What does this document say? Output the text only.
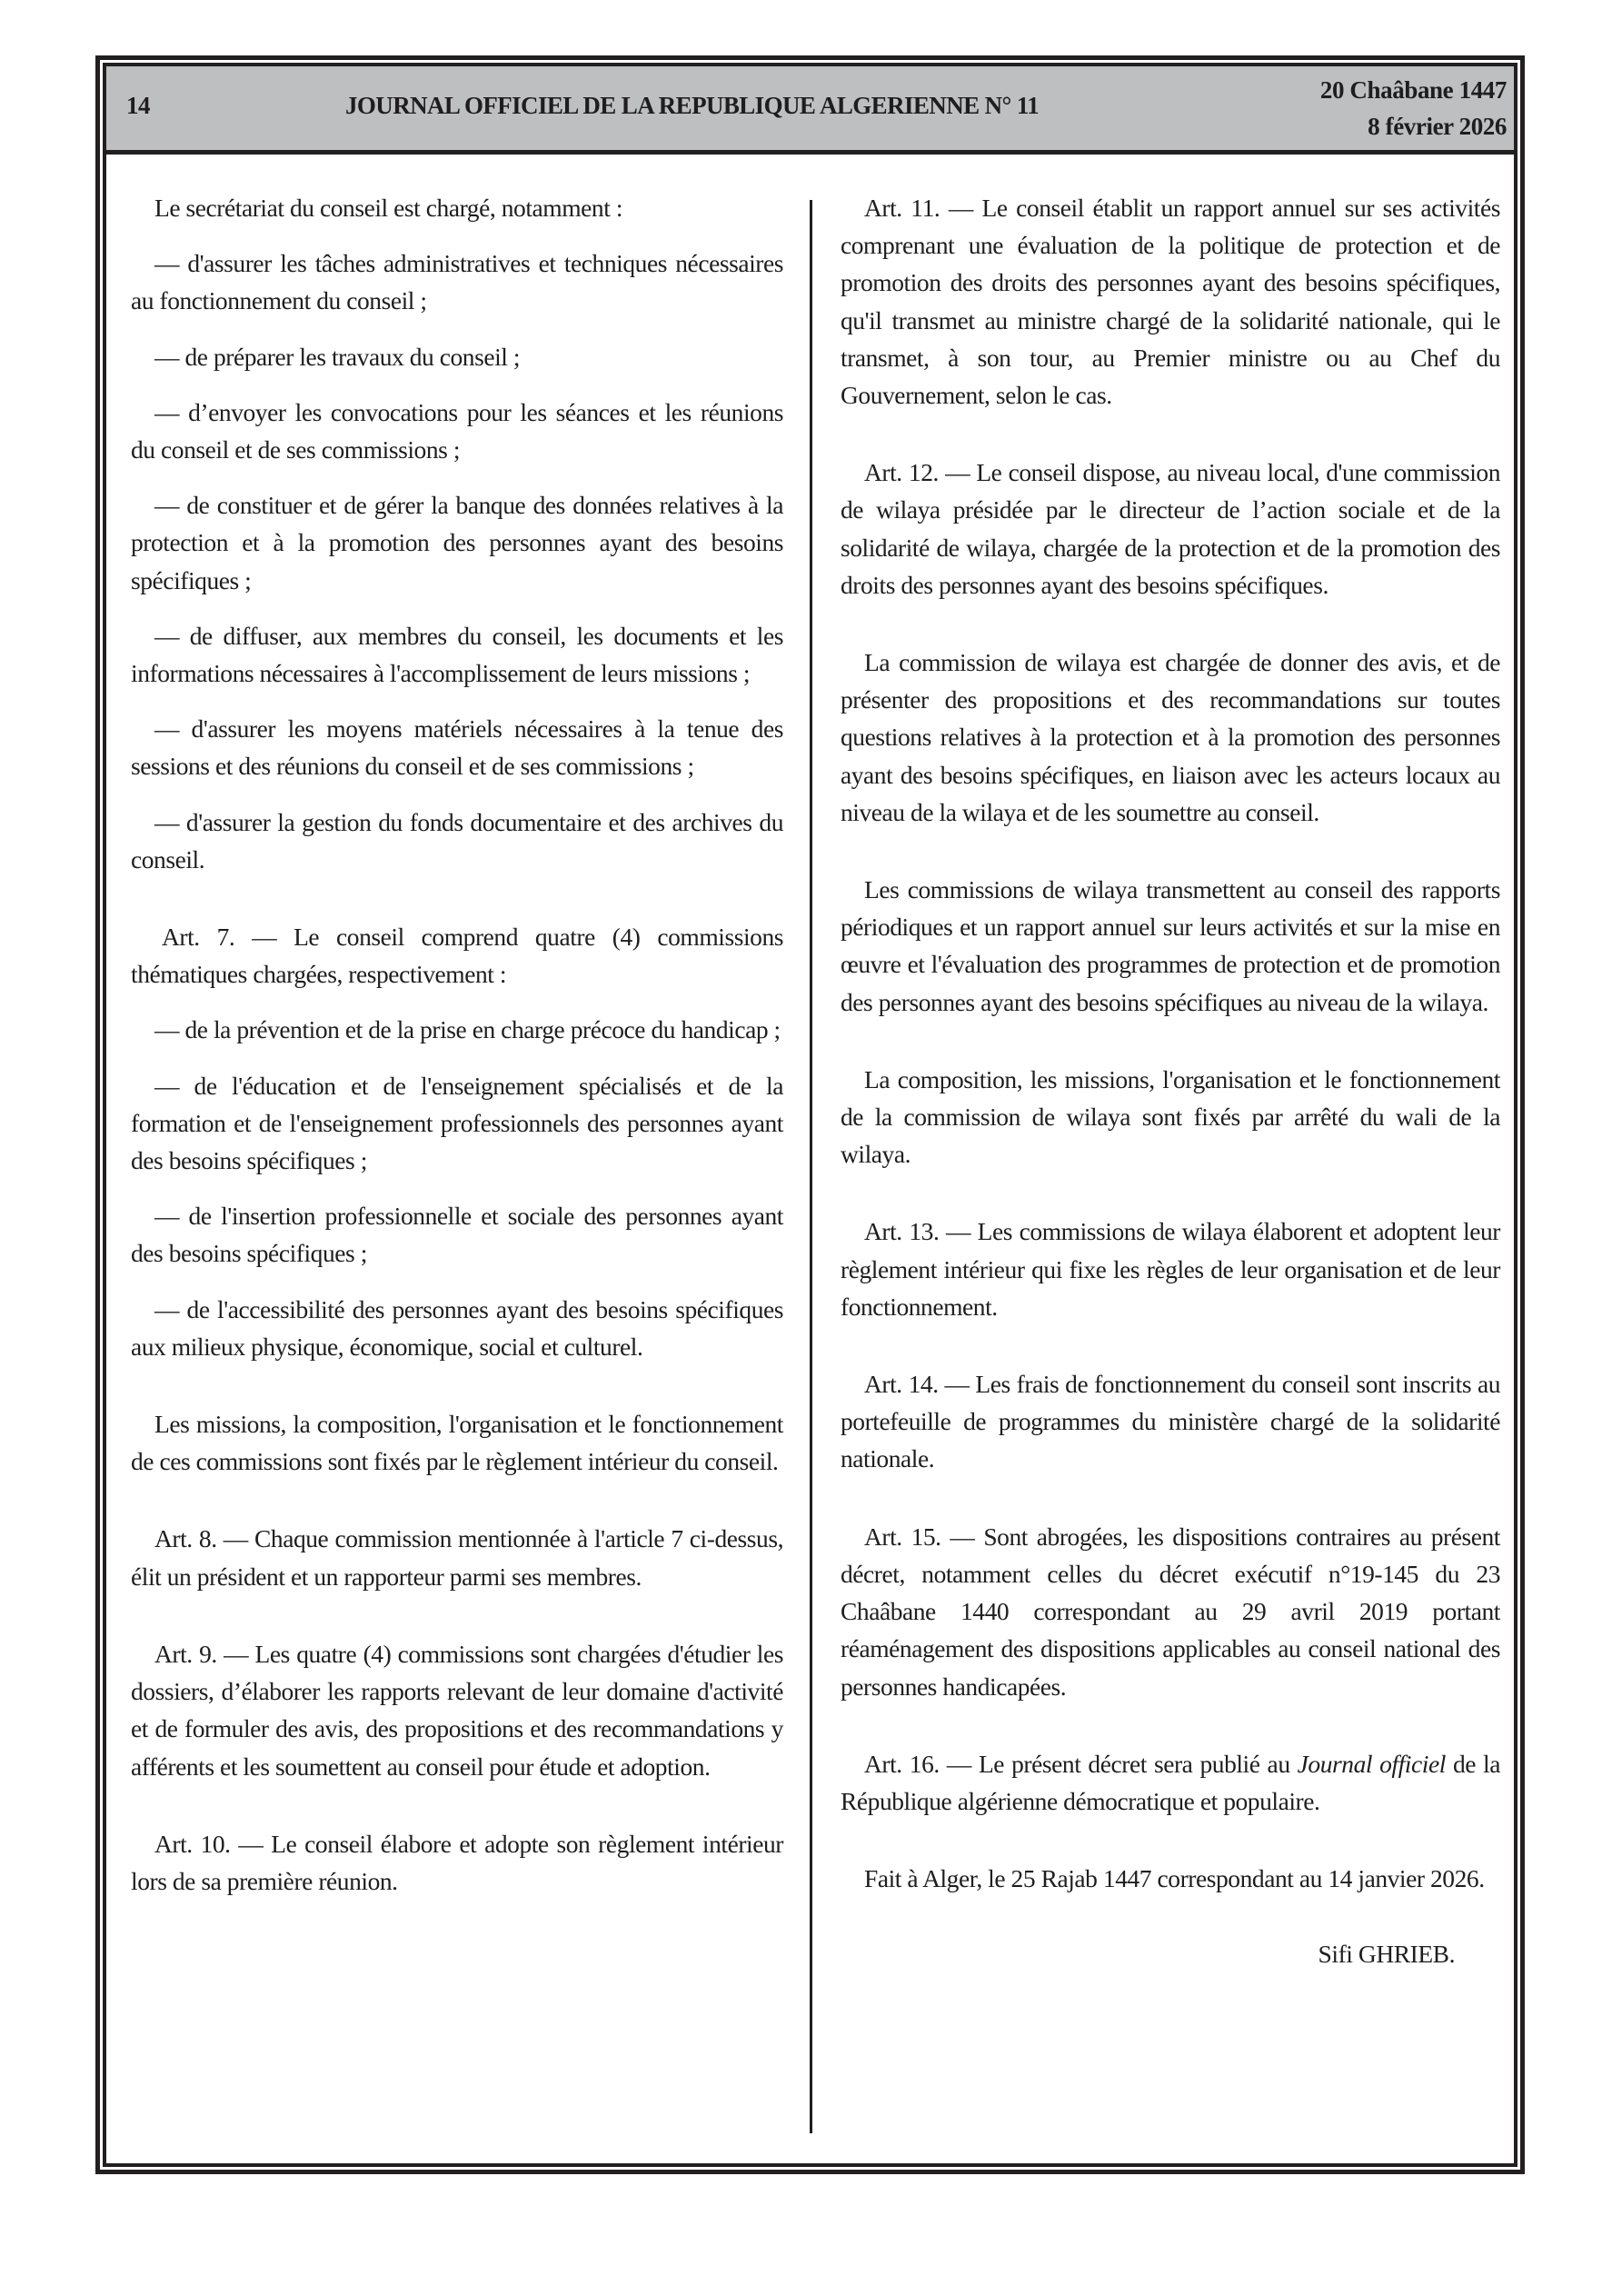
14	JOURNAL OFFICIEL DE LA REPUBLIQUE ALGERIENNE N° 11
20 Chaâbane 1447
8 février 2026

Le secrétariat du conseil est chargé, notamment :

— d'assurer les tâches administratives et techniques nécessaires au fonctionnement du conseil ;

— de préparer les travaux du conseil ;

— d’envoyer les convocations pour les séances et les réunions du conseil et de ses commissions ;

— de constituer et de gérer la banque des données relatives à la protection et à la promotion des personnes ayant des besoins spécifiques ;

— de diffuser, aux membres du conseil, les documents et les informations nécessaires à l'accomplissement de leurs missions ;

— d'assurer les moyens matériels nécessaires à la tenue des sessions et des réunions du conseil et de ses commissions ;

— d'assurer la gestion du fonds documentaire et des archives du conseil.

Art. 7. — Le conseil comprend quatre (4) commissions thématiques chargées, respectivement :

— de la prévention et de la prise en charge précoce du handicap ;

— de l'éducation et de l'enseignement spécialisés et de la formation et de l'enseignement professionnels des personnes ayant des besoins spécifiques ;

— de l'insertion professionnelle et sociale des personnes ayant des besoins spécifiques ;

— de l'accessibilité des personnes ayant des besoins spécifiques aux milieux physique, économique, social et culturel.

Les missions, la composition, l'organisation et le fonctionnement de ces commissions sont fixés par le règlement intérieur du conseil.

Art. 8. — Chaque commission mentionnée à l'article 7 ci-dessus, élit un président et un rapporteur parmi ses membres.

Art. 9. — Les quatre (4) commissions sont chargées d'étudier les dossiers, d’élaborer les rapports relevant de leur domaine d'activité et de formuler des avis, des propositions et des recommandations y afférents et les soumettent au conseil pour étude et adoption.

Art. 10. — Le conseil élabore et adopte son règlement intérieur lors de sa première réunion.

Art. 11. — Le conseil établit un rapport annuel sur ses activités comprenant une évaluation de la politique de protection et de promotion des droits des personnes ayant des besoins spécifiques, qu'il transmet au ministre chargé de la solidarité nationale, qui le transmet, à son tour, au Premier ministre ou au Chef du Gouvernement, selon le cas.

Art. 12. — Le conseil dispose, au niveau local, d'une commission de wilaya présidée par le directeur de l’action sociale et de la solidarité de wilaya, chargée de la protection et de la promotion des droits des personnes ayant des besoins spécifiques.

La commission de wilaya est chargée de donner des avis, et de présenter des propositions et des recommandations sur toutes questions relatives à la protection et à la promotion des personnes ayant des besoins spécifiques, en liaison avec les acteurs locaux au niveau de la wilaya et de les soumettre au conseil.

Les commissions de wilaya transmettent au conseil des rapports périodiques et un rapport annuel sur leurs activités et sur la mise en œuvre et l'évaluation des programmes de protection et de promotion des personnes ayant des besoins spécifiques au niveau de la wilaya.

La composition, les missions, l'organisation et le fonctionnement de la commission de wilaya sont fixés par arrêté du wali de la wilaya.

Art. 13. — Les commissions de wilaya élaborent et adoptent leur règlement intérieur qui fixe les règles de leur organisation et de leur fonctionnement.

Art. 14. — Les frais de fonctionnement du conseil sont inscrits au portefeuille de programmes du ministère chargé de la solidarité nationale.

Art. 15. — Sont abrogées, les dispositions contraires au présent décret, notamment celles du décret exécutif n°19-145 du 23 Chaâbane 1440 correspondant au 29 avril 2019 portant réaménagement des dispositions applicables au conseil national des personnes handicapées.

Art. 16. — Le présent décret sera publié au Journal officiel de la République algérienne démocratique et populaire.

Fait à Alger, le 25 Rajab 1447 correspondant au 14 janvier 2026.

Sifi GHRIEB.
